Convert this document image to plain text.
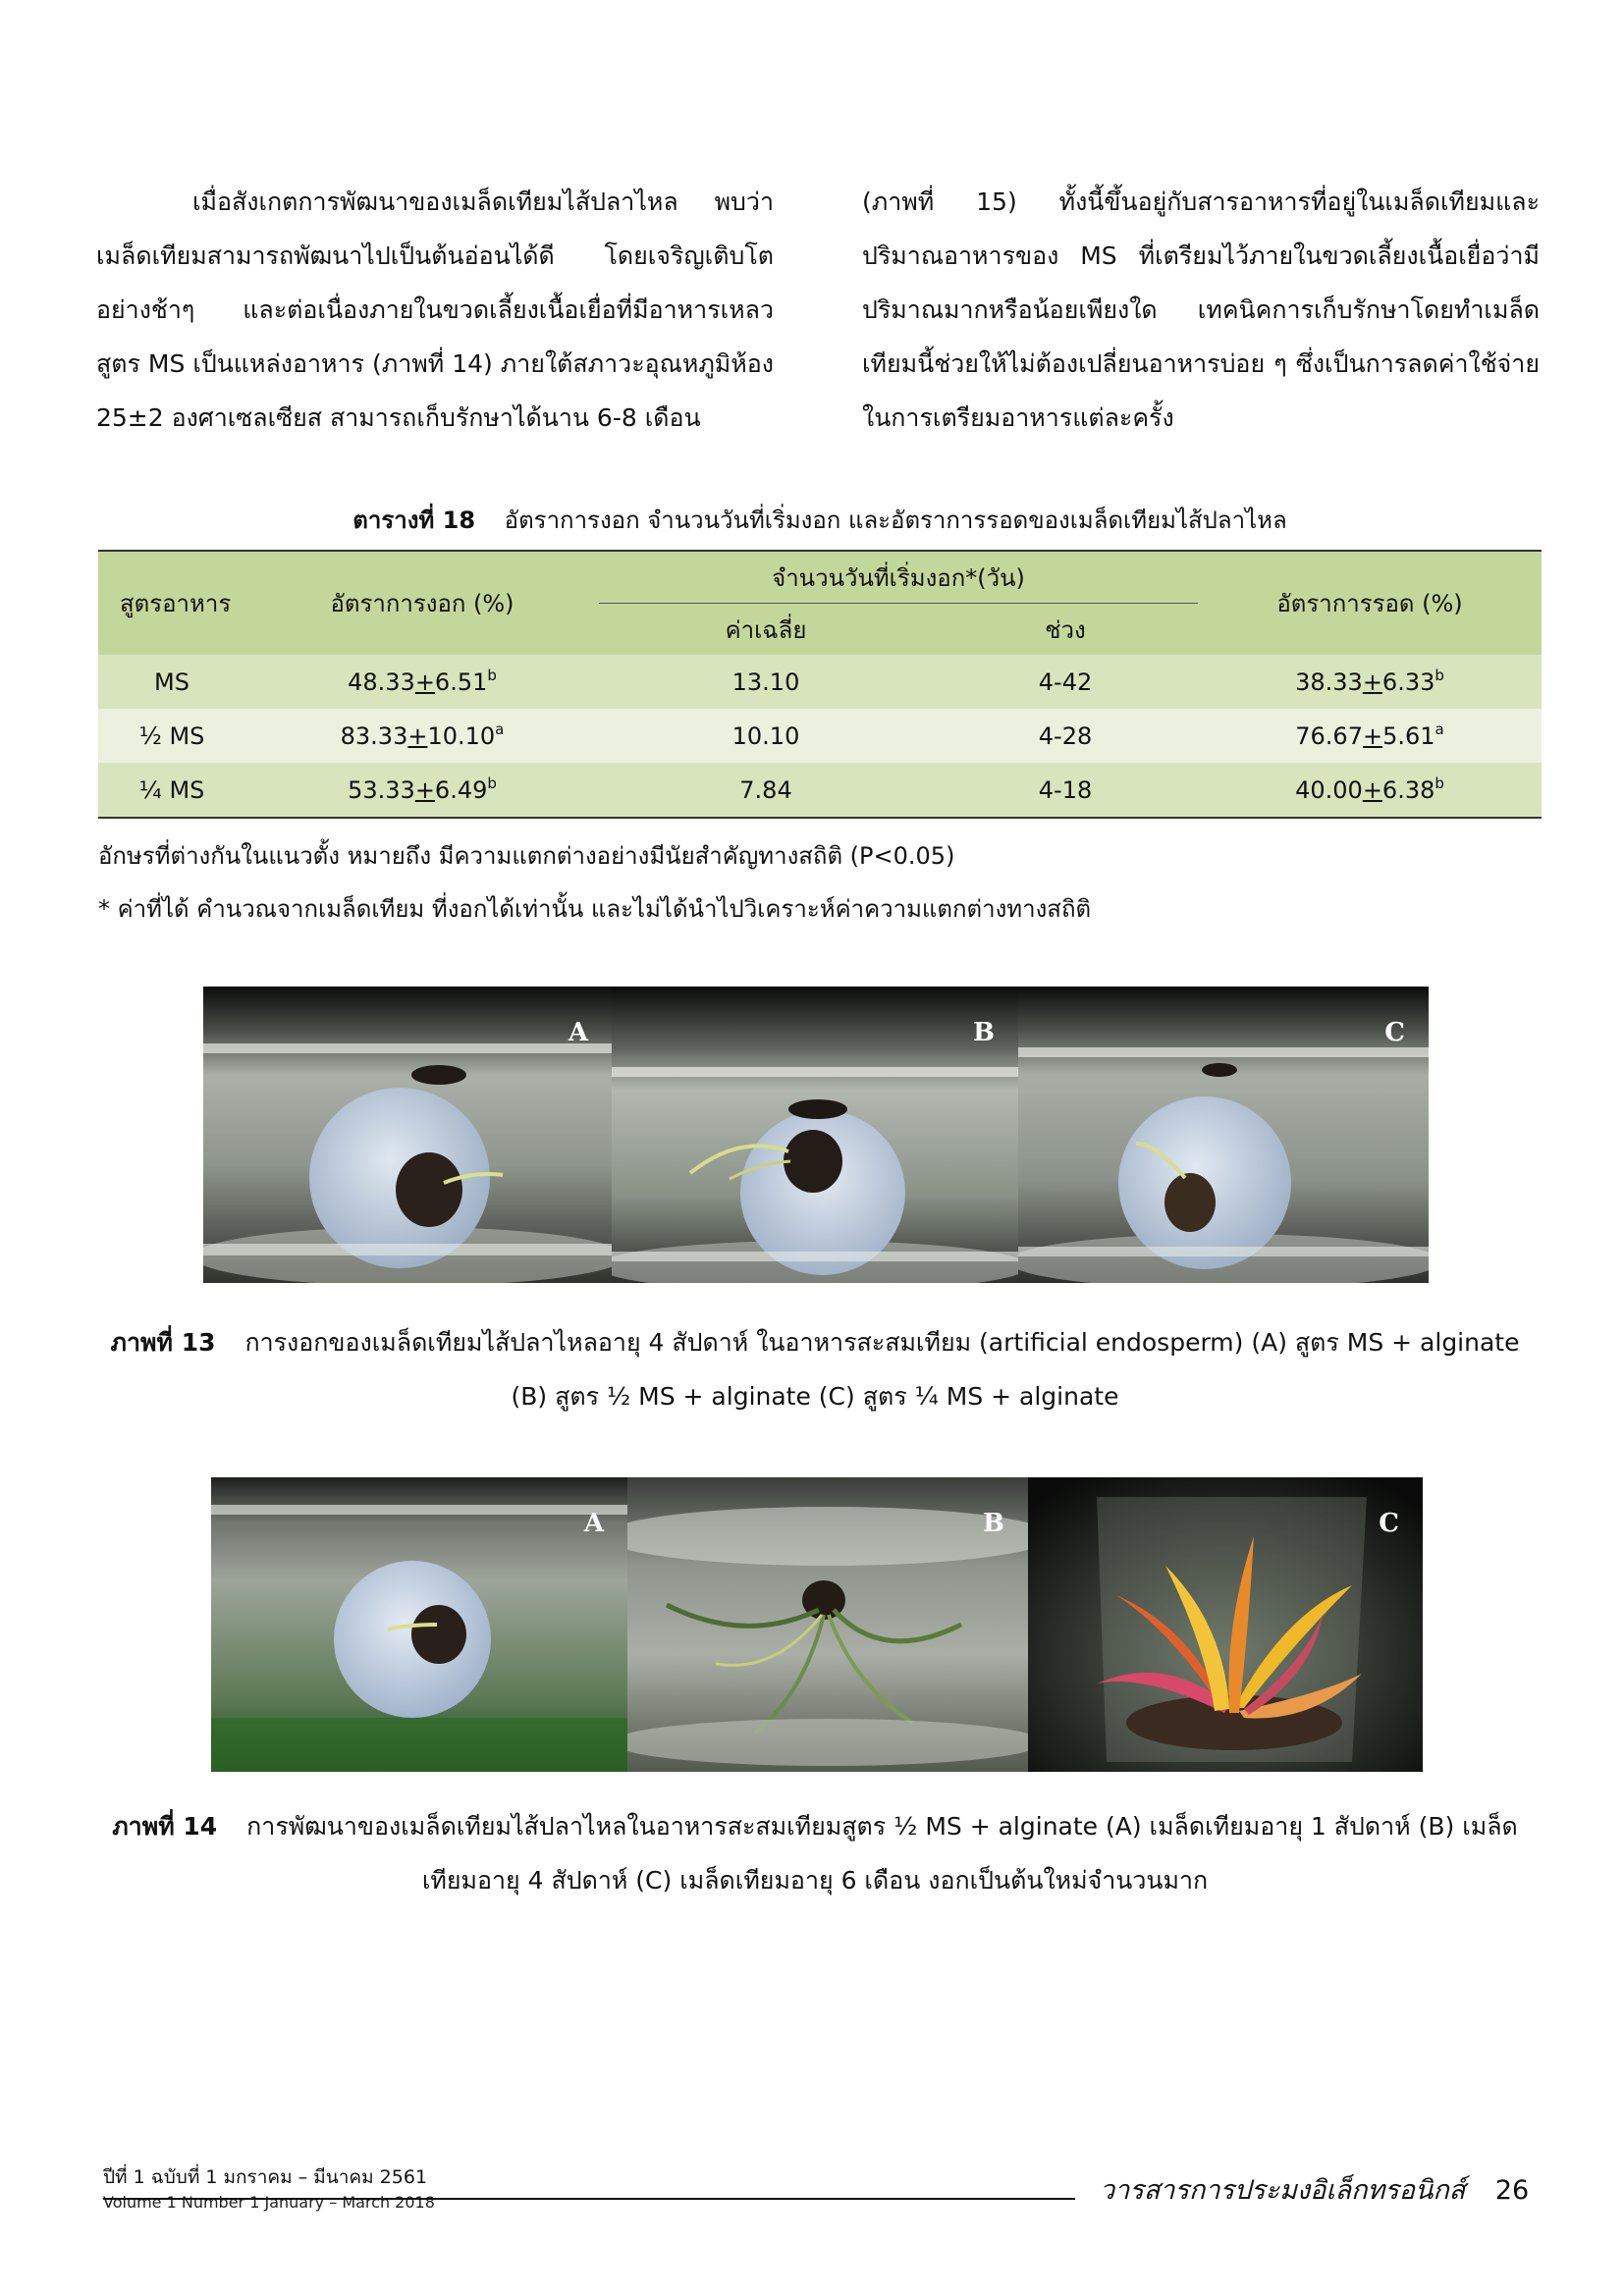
เมื่อสังเกตการพัฒนาของเมล็ดเทียมไส้ปลาไหล พบว่าเมล็ดเทียมสามารถพัฒนาไปเป็นต้นอ่อนได้ดี โดยเจริญเติบโตอย่างช้าๆ และต่อเนื่องภายในขวดเลี้ยงเนื้อเยื่อที่มีอาหารเหลว สูตร MS เป็นแหล่งอาหาร (ภาพที่ 14) ภายใต้สภาวะอุณหภูมิห้อง 25±2 องศาเซลเซียส สามารถเก็บรักษาได้นาน 6-8 เดือน

(ภาพที่ 15) ทั้งนี้ขึ้นอยู่กับสารอาหารที่อยู่ในเมล็ดเทียมและปริมาณอาหารของ MS ที่เตรียมไว้ภายในขวดเลี้ยงเนื้อเยื่อว่ามีปริมาณมากหรือน้อยเพียงใด เทคนิคการเก็บรักษาโดยทำเมล็ดเทียมนี้ช่วยให้ไม่ต้องเปลี่ยนอาหารบ่อย ๆ ซึ่งเป็นการลดค่าใช้จ่ายในการเตรียมอาหารแต่ละครั้ง

ตารางที่ 18 อัตราการงอก จำนวนวันที่เริ่มงอก และอัตราการรอดของเมล็ดเทียมไส้ปลาไหล
สูตรอาหาร	อัตราการงอก (%)	จำนวนวันที่เริ่มงอก*(วัน)		อัตราการรอด (%)
		ค่าเฉลี่ย	ช่วง	
MS	48.33+6.51$^b$	13.10	4-42	38.33+6.33$^b$
½ MS	83.33+10.10$^a$	10.10	4-28	76.67+5.61$^a$
¼ MS	53.33+6.49$^b$	7.84	4-18	40.00+6.38$^b$

อักษรที่ต่างกันในแนวตั้ง หมายถึง มีความแตกต่างอย่างมีนัยสำคัญทางสถิติ (P<0.05)

* ค่าที่ได้ คำนวณจากเมล็ดเทียม ที่งอกได้เท่านั้น และไม่ได้นำไปวิเคราะห์ค่าความแตกต่างทางสถิติ

A	B	C
ภาพที่ 13 การงอกของเมล็ดเทียมไส้ปลาไหลอายุ 4 สัปดาห์ ในอาหารสะสมเทียม (artificial endosperm) (A) สูตร MS + alginate (B) สูตร ½ MS + alginate (C) สูตร ¼ MS + alginate
A	B	C
ภาพที่ 14 การพัฒนาของเมล็ดเทียมไส้ปลาไหลในอาหารสะสมเทียมสูตร ½ MS + alginate (A) เมล็ดเทียมอายุ 1 สัปดาห์ (B) เมล็ดเทียมอายุ 4 สัปดาห์ (C) เมล็ดเทียมอายุ 6 เดือน งอกเป็นต้นใหม่จำนวนมาก
ปีที่ 1 ฉบับที่ 1 มกราคม – มีนาคม 2561
Volume 1 Number 1 January – March 2018	วารสารการประมงอิเล็กทรอนิกส์ 26
